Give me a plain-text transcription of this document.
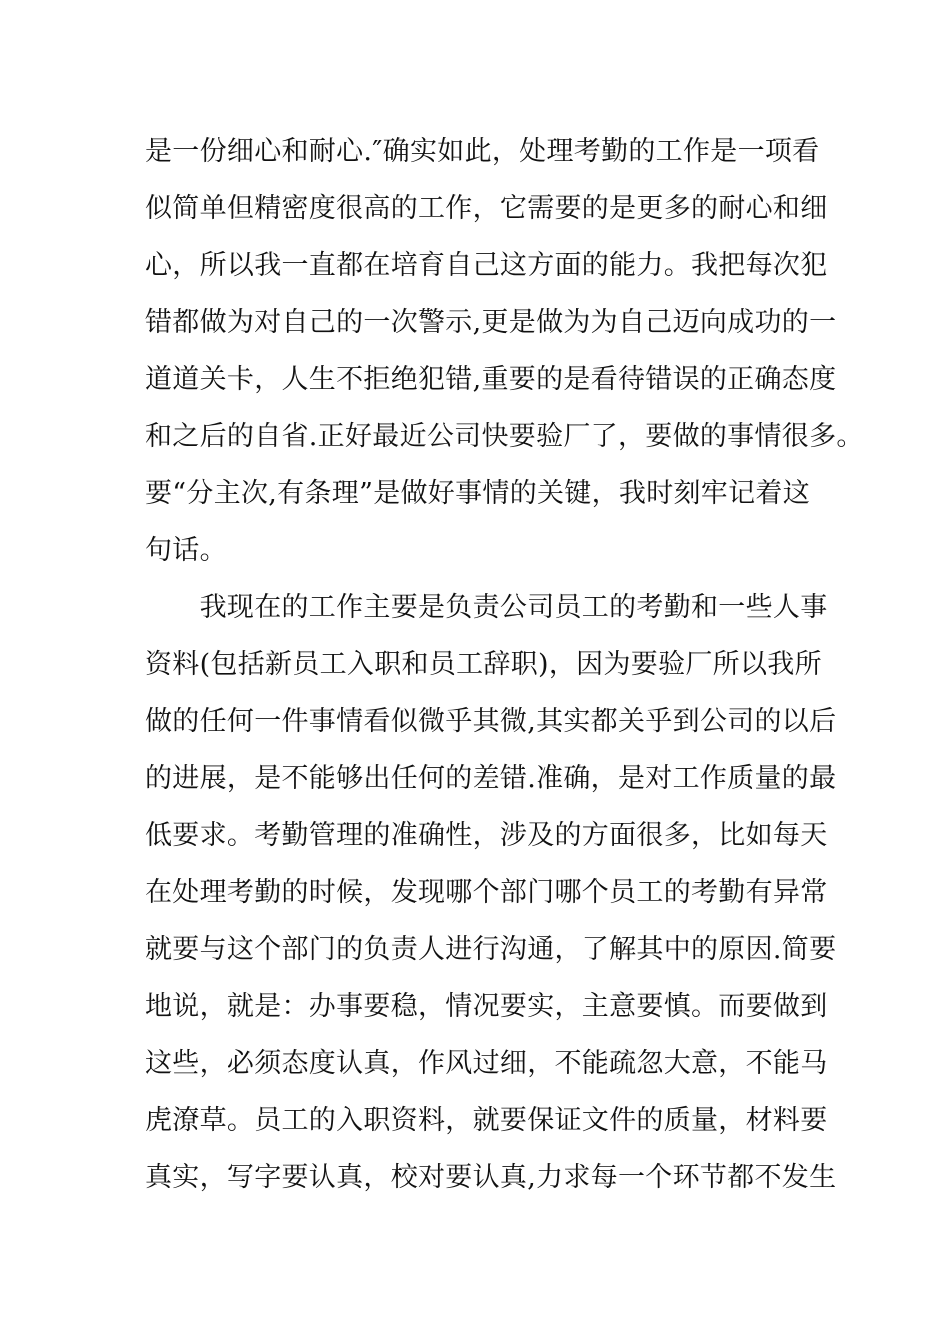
是一份细心和耐心.″确实如此，处理考勤的工作是一项看
似简单但精密度很高的工作，它需要的是更多的耐心和细
心，所以我一直都在培育自己这方面的能力。我把每次犯
错都做为对自己的一次警示,更是做为为自己迈向成功的一
道道关卡，人生不拒绝犯错,重要的是看待错误的正确态度
和之后的自省.正好最近公司快要验厂了，要做的事情很多。
要“分主次,有条理”是做好事情的关键，我时刻牢记着这
句话。
　　我现在的工作主要是负责公司员工的考勤和一些人事
资料(包括新员工入职和员工辞职)，因为要验厂所以我所
做的任何一件事情看似微乎其微,其实都关乎到公司的以后
的进展，是不能够出任何的差错.准确，是对工作质量的最
低要求。考勤管理的准确性，涉及的方面很多，比如每天
在处理考勤的时候，发现哪个部门哪个员工的考勤有异常
就要与这个部门的负责人进行沟通，了解其中的原因.简要
地说，就是：办事要稳，情况要实，主意要慎。而要做到
这些，必须态度认真，作风过细，不能疏忽大意，不能马
虎潦草。员工的入职资料，就要保证文件的质量，材料要
真实，写字要认真，校对要认真,力求每一个环节都不发生
